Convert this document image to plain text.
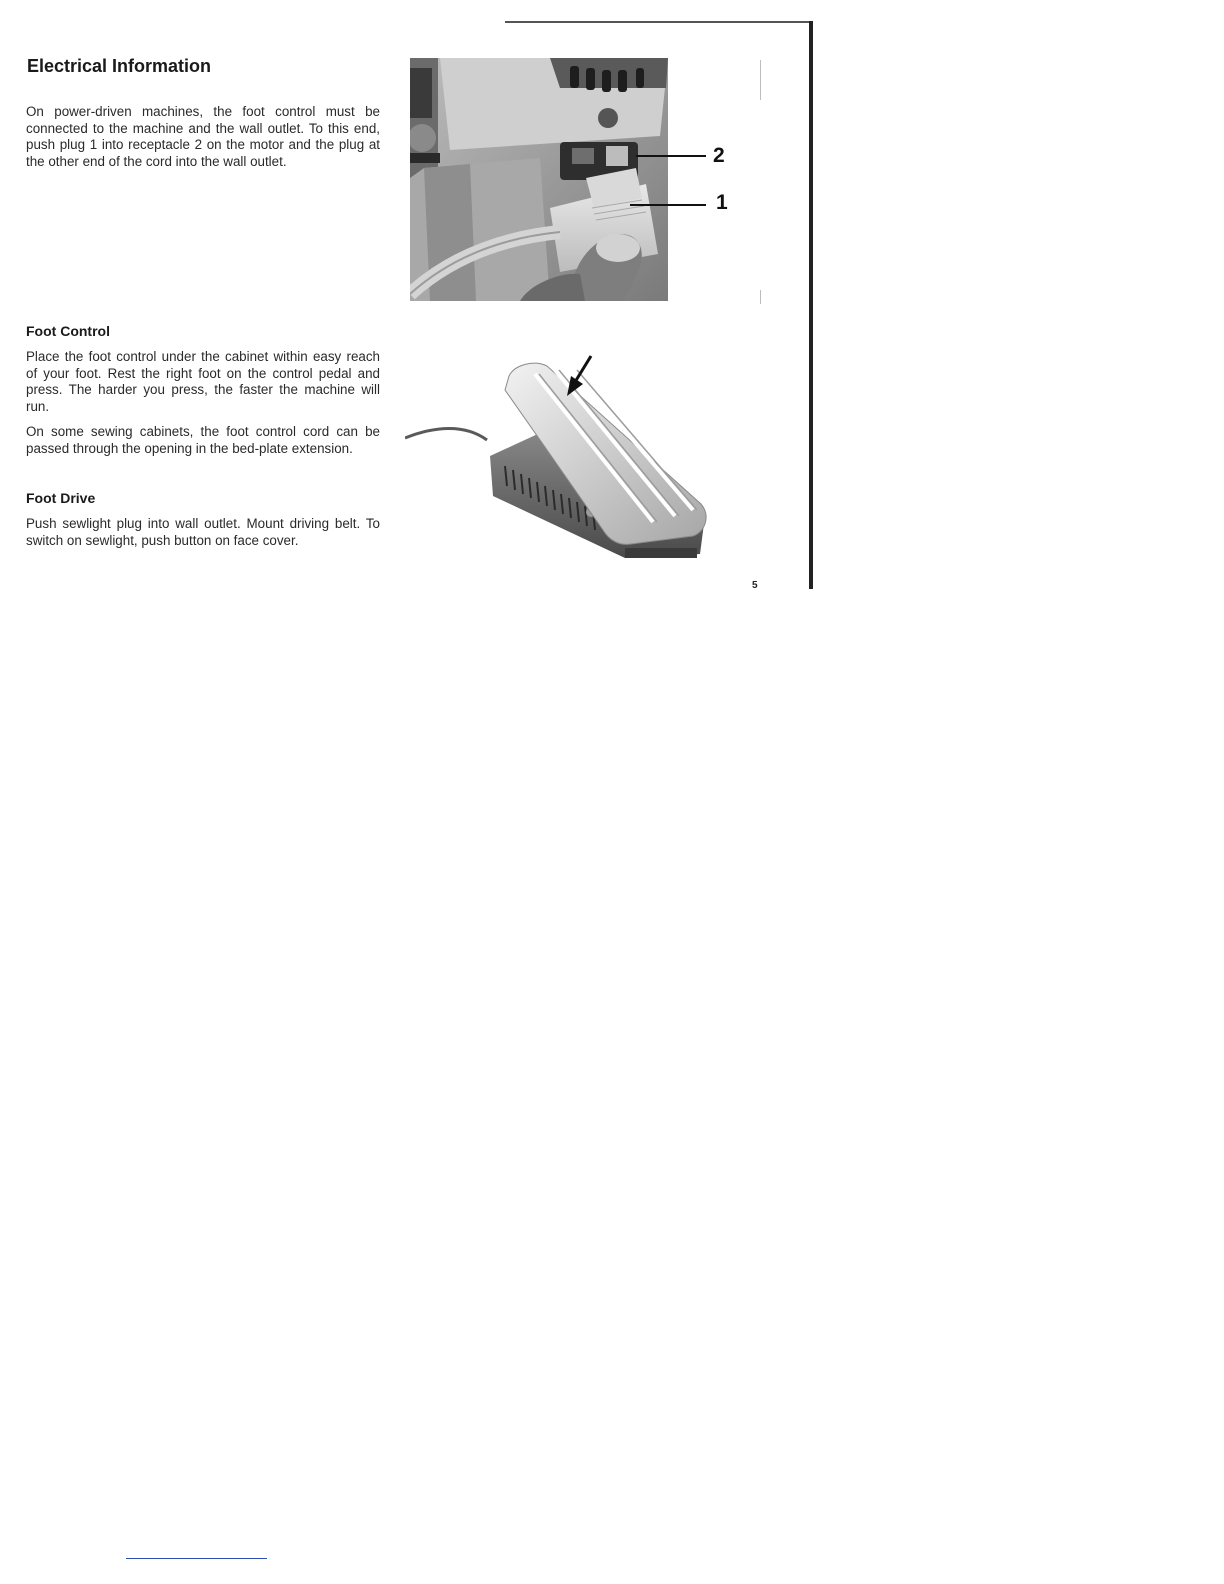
Electrical Information

On power-driven machines, the foot control must be connected to the machine and the wall outlet. To this end, push plug 1 into receptacle 2 on the motor and the plug at the other end of the cord into the wall outlet.	2
1
Foot Control

Place the foot control under the cabinet within easy reach of your foot. Rest the right foot on the control pedal and press. The harder you press, the faster the machine will run.

On some sewing cabinets, the foot control cord can be passed through the opening in the bed-plate extension.

Foot Drive

Push sewlight plug into wall outlet. Mount driving belt. To switch on sewlight, push button on face cover.

5
